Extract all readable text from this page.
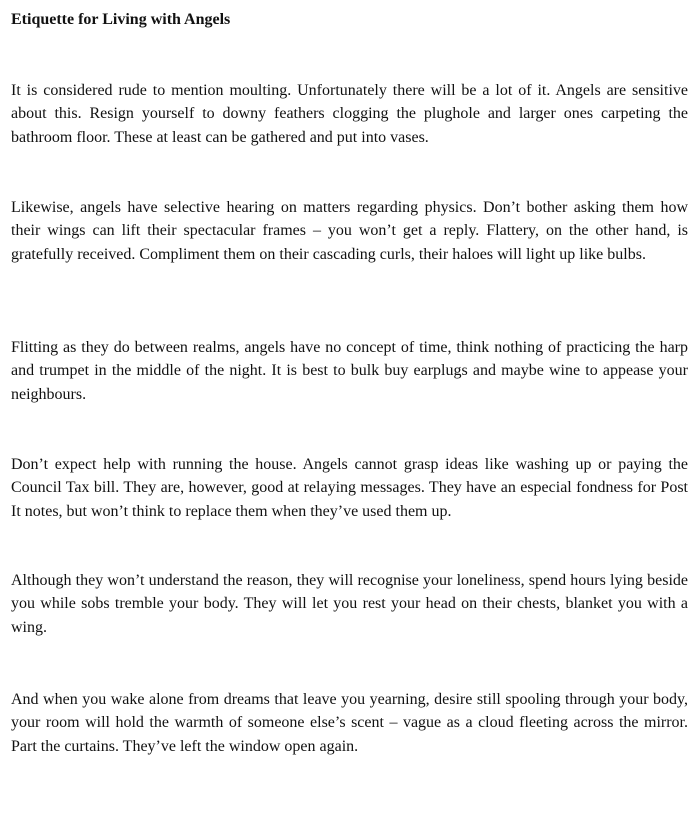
Etiquette for Living with Angels

It is considered rude to mention moulting. Unfortunately there will be a lot of it. Angels are sensitive about this. Resign yourself to downy feathers clogging the plughole and larger ones carpeting the bathroom floor. These at least can be gathered and put into vases.

Likewise, angels have selective hearing on matters regarding physics. Don’t bother asking them how their wings can lift their spectacular frames – you won’t get a reply. Flattery, on the other hand, is gratefully received. Compliment them on their cascading curls, their haloes will light up like bulbs.

Flitting as they do between realms, angels have no concept of time, think nothing of practicing the harp and trumpet in the middle of the night. It is best to bulk buy earplugs and maybe wine to appease your neighbours.

Don’t expect help with running the house. Angels cannot grasp ideas like washing up or paying the Council Tax bill. They are, however, good at relaying messages. They have an especial fondness for Post It notes, but won’t think to replace them when they’ve used them up.

Although they won’t understand the reason, they will recognise your loneliness, spend hours lying beside you while sobs tremble your body. They will let you rest your head on their chests, blanket you with a wing.

And when you wake alone from dreams that leave you yearning, desire still spooling through your body, your room will hold the warmth of someone else’s scent – vague as a cloud fleeting across the mirror. Part the curtains. They’ve left the window open again.
